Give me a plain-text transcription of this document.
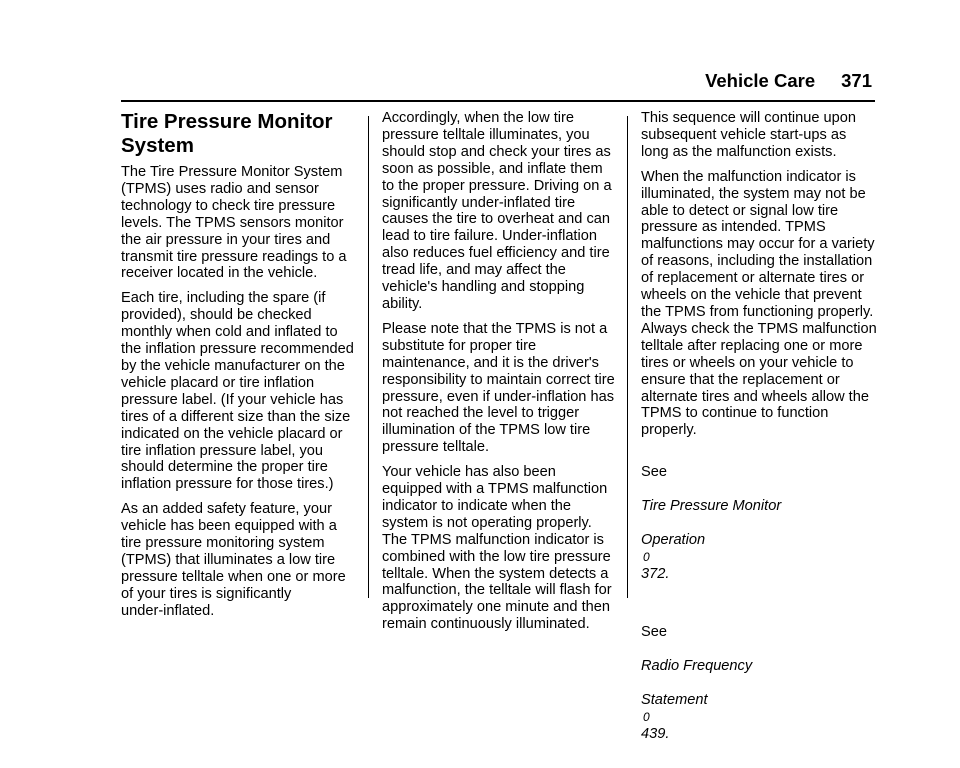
Vehicle Care 371
Tire Pressure Monitor
System

The Tire Pressure Monitor System
(TPMS) uses radio and sensor
technology to check tire pressure
levels. The TPMS sensors monitor
the air pressure in your tires and
transmit tire pressure readings to a
receiver located in the vehicle.

Each tire, including the spare (if
provided), should be checked
monthly when cold and inflated to
the inflation pressure recommended
by the vehicle manufacturer on the
vehicle placard or tire inflation
pressure label. (If your vehicle has
tires of a different size than the size
indicated on the vehicle placard or
tire inflation pressure label, you
should determine the proper tire
inflation pressure for those tires.)

As an added safety feature, your
vehicle has been equipped with a
tire pressure monitoring system
(TPMS) that illuminates a low tire
pressure telltale when one or more
of your tires is significantly
under-inflated.

Accordingly, when the low tire
pressure telltale illuminates, you
should stop and check your tires as
soon as possible, and inflate them
to the proper pressure. Driving on a
significantly under-inflated tire
causes the tire to overheat and can
lead to tire failure. Under-inflation
also reduces fuel efficiency and tire
tread life, and may affect the
vehicle's handling and stopping
ability.

Please note that the TPMS is not a
substitute for proper tire
maintenance, and it is the driver's
responsibility to maintain correct tire
pressure, even if under-inflation has
not reached the level to trigger
illumination of the TPMS low tire
pressure telltale.

Your vehicle has also been
equipped with a TPMS malfunction
indicator to indicate when the
system is not operating properly.
The TPMS malfunction indicator is
combined with the low tire pressure
telltale. When the system detects a
malfunction, the telltale will flash for
approximately one minute and then
remain continuously illuminated.

This sequence will continue upon
subsequent vehicle start-ups as
long as the malfunction exists.

When the malfunction indicator is
illuminated, the system may not be
able to detect or signal low tire
pressure as intended. TPMS
malfunctions may occur for a variety
of reasons, including the installation
of replacement or alternate tires or
wheels on the vehicle that prevent
the TPMS from functioning properly.
Always check the TPMS malfunction
telltale after replacing one or more
tires or wheels on your vehicle to
ensure that the replacement or
alternate tires and wheels allow the
TPMS to continue to function
properly.

See

Tire Pressure Monitor

Operation
0
372.

See

Radio Frequency

Statement
0
439.
